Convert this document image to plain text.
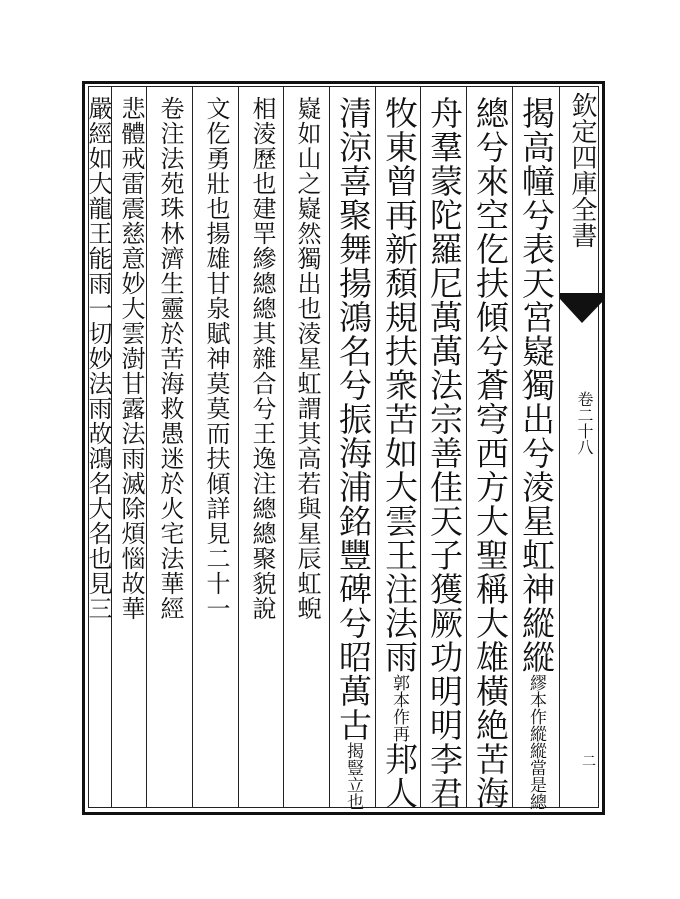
欽定四庫全書
卷二十八
二
揭高幢兮表天宮嶷獨出兮淩星虹神縱縱繆本作縱縱當是總
總兮來空仡扶傾兮蒼穹西方大聖稱大雄橫絶苦海
舟羣蒙陀羅尼萬萬法宗善佳天子獲厥功明明李君
牧東曾再新頹規扶衆苦如大雲王注法雨郭本作再邦人
清涼喜聚舞揚鴻名兮振海浦銘豐碑兮昭萬古揭豎立也
嶷如山之嶷然獨出也淩星虹謂其高若與星辰虹蜺
相淩歷也建䍐縿總總其雜合兮王逸注總總聚貌說
文仡勇壯也揚雄甘泉賦神莫莫而扶傾詳見二十一
卷注法苑珠林濟生靈於苦海救愚迷於火宅法華經
悲體戒雷震慈意妙大雲澍甘露法雨滅除煩惱故華
嚴經如大龍王能雨一切妙法雨故鴻名大名也見三
